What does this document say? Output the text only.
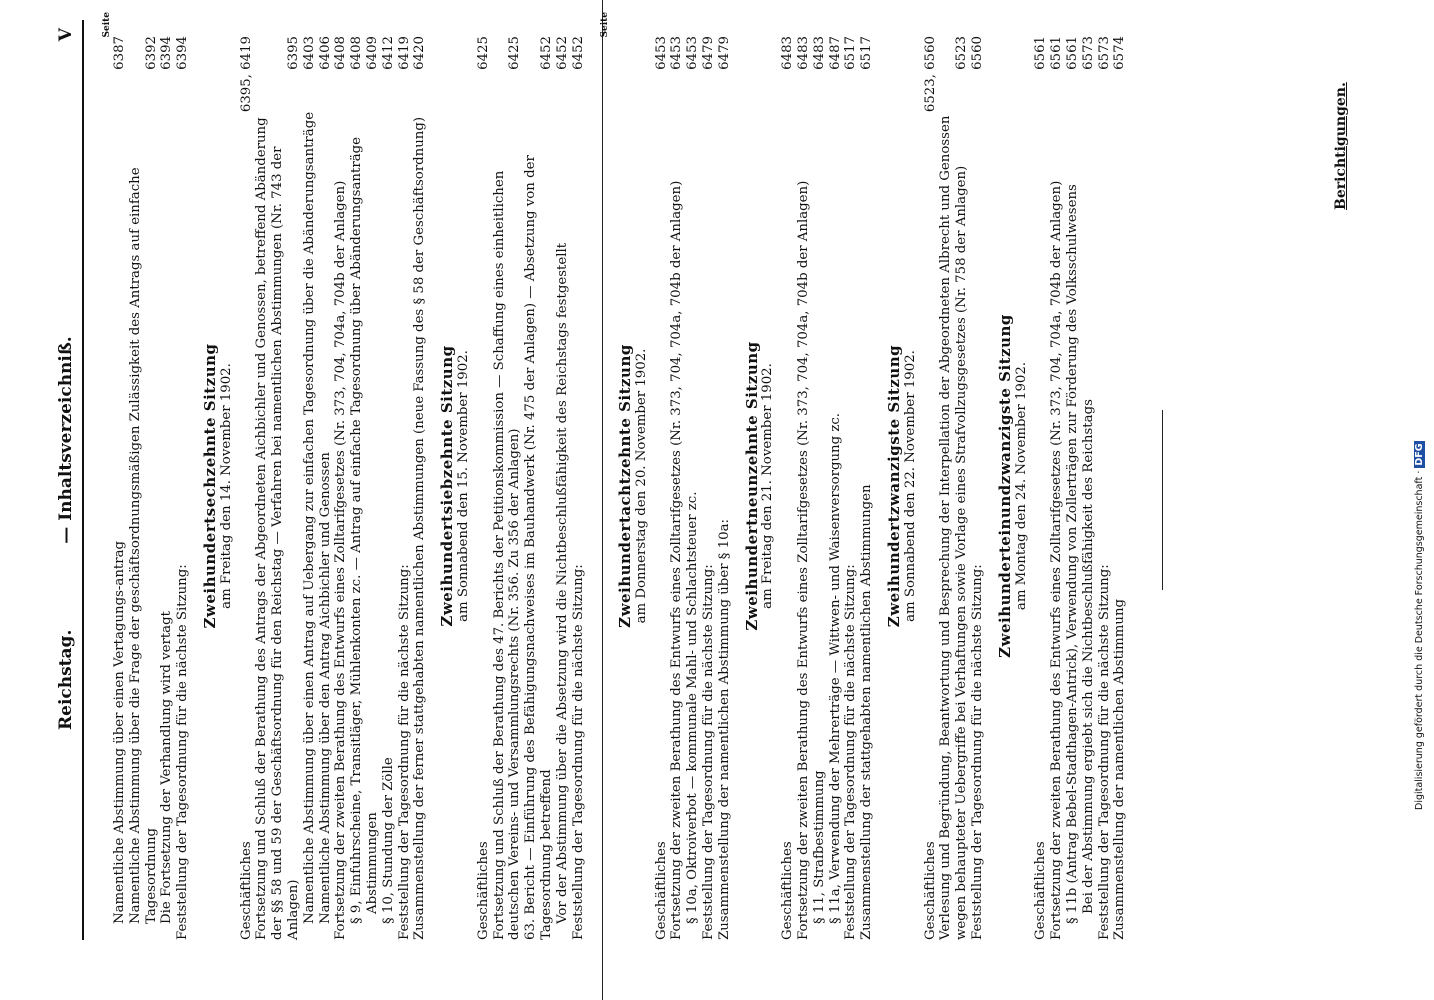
Reichstag.
— Inhaltsverzeichniß.
V	Seite
Namentliche Abstimmung über einen Vertagungs-antrag
6387
Namentliche Abstimmung über die Frage der geschäftsordnungsmäßigen Zulässigkeit des Antrags auf einfache Tagesordnung
6392
Die Fortsetzung der Verhandlung wird vertagt
6394
Feststellung der Tagesordnung für die nächste Sitzung:
6394
Zweihundertsechzehnte Sitzung am Freitag den 14. November 1902.
Geschäftliches
6395, 6419
Fortsetzung und Schluß der Berathung des Antrags der Abgeordneten Aichbichler und Genossen, betreffend Abänderung der §§ 58 und 59 der Geschäftsordnung für den Reichstag — Verfahren bei namentlichen Abstimmungen (Nr. 743 der Anlagen)
6395
Namentliche Abstimmung über einen Antrag auf Uebergang zur einfachen Tagesordnung über die Abänderungsanträge
6403
Namentliche Abstimmung über den Antrag Aichbichler und Genossen
6406
Fortsetzung der zweiten Berathung des Entwurfs eines Zolltarifgesetzes (Nr. 373, 704, 704a, 704b der Anlagen)
6408
§ 9, Einfuhrscheine, Transitläger, Mühlenkonten zc. — Antrag auf einfache Tagesordnung über Abänderungsanträge
6408
Abstimmungen
6409
§ 10, Stundung der Zölle
6412
Feststellung der Tagesordnung für die nächste Sitzung:
6419
Zusammenstellung der ferner stattgehabten namentlichen Abstimmungen (neue Fassung des § 58 der Geschäftsordnung)
6420
Zweihundertsiebzehnte Sitzung am Sonnabend den 15. November 1902.
Geschäftliches
6425
Fortsetzung und Schluß der Berathung des 47. Berichts der Petitionskommission — Schaffung eines einheitlichen deutschen Vereins- und Versammlungsrechts (Nr. 356. Zu 356 der Anlagen)
6425
63. Bericht — Einführung des Befähigungsnachweises im Bauhandwerk (Nr. 475 der Anlagen) — Absetzung von der Tagesordnung betreffend
6452
Vor der Abstimmung über die Absetzung wird die Nichtbeschlußfähigkeit des Reichstags festgestellt
6452
Feststellung der Tagesordnung für die nächste Sitzung:
6452
Seite
Zweihundertachtzehnte Sitzung am Donnerstag den 20. November 1902.
Geschäftliches
6453
Fortsetzung der zweiten Berathung des Entwurfs eines Zolltarifgesetzes (Nr. 373, 704, 704a, 704b der Anlagen)
6453
§ 10a, Oktroiverbot — kommunale Mahl- und Schlachtsteuer zc.
6453
Feststellung der Tagesordnung für die nächste Sitzung:
6479
Zusammenstellung der namentlichen Abstimmung über § 10a:
6479
Zweihundertneunzehnte Sitzung am Freitag den 21. November 1902.
Geschäftliches
6483
Fortsetzung der zweiten Berathung des Entwurfs eines Zolltarifgesetzes (Nr. 373, 704, 704a, 704b der Anlagen)
6483
§ 11, Strafbestimmung
6483
§ 11a, Verwendung der Mehrerträge — Wittwen- und Waisenversorgung zc.
6487
Feststellung der Tagesordnung für die nächste Sitzung:
6517
Zusammenstellung der stattgehabten namentlichen Abstimmungen
6517
Zweihundertzwanzigste Sitzung am Sonnabend den 22. November 1902.
Geschäftliches
6523, 6560
Verlesung und Begründung, Beantwortung und Besprechung der Interpellation der Abgeordneten Albrecht und Genossen wegen behaupteter Uebergriffe bei Verhaftungen sowie Vorlage eines Strafvollzugsgesetzes (Nr. 758 der Anlagen)
6523
Feststellung der Tagesordnung für die nächste Sitzung:
6560
Zweihunderteinundzwanzigste Sitzung am Montag den 24. November 1902.
Geschäftliches
6561
Fortsetzung der zweiten Berathung des Entwurfs eines Zolltarifgesetzes (Nr. 373, 704, 704a, 704b der Anlagen)
6561
§ 11b (Antrag Bebel-Stadthagen-Antrick), Verwendung von Zollerträgen zur Förderung des Volksschulwesens
6561
Bei der Abstimmung ergiebt sich die Nichtbeschlußfähigkeit des Reichstags
6573
Feststellung der Tagesordnung für die nächste Sitzung:
6573
Zusammenstellung der namentlichen Abstimmung
6574
Berichtigungen.
Digitalisierung gefördert durch die Deutsche Forschungsgemeinschaft · DFG
